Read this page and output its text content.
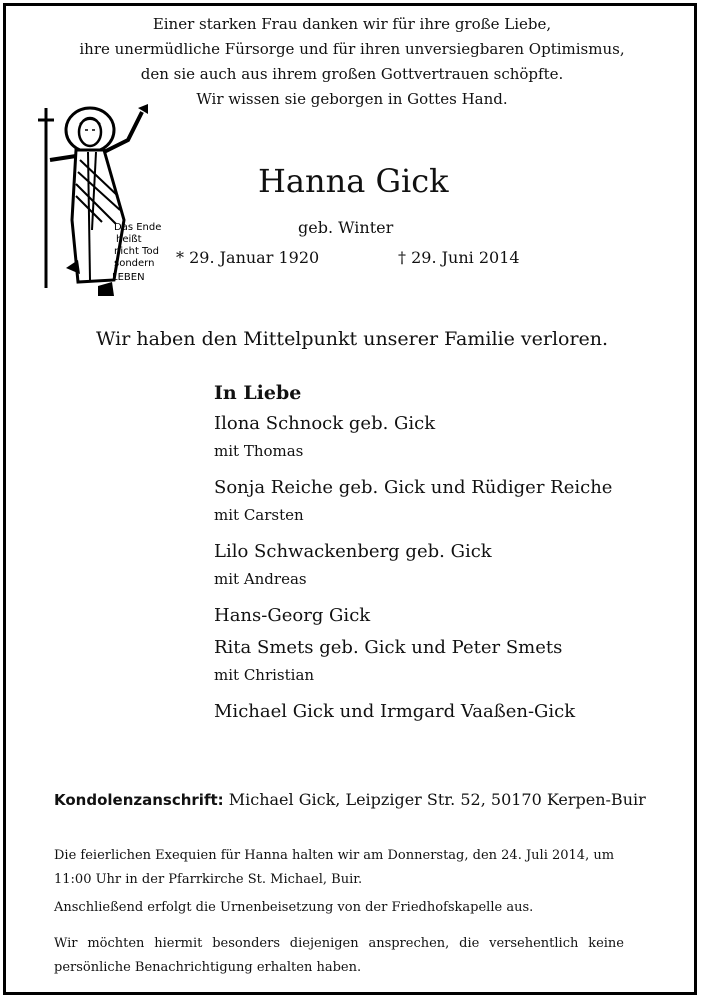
Einer starken Frau danken wir für ihre große Liebe,
ihre unermüdliche Fürsorge und für ihren unversiegbaren Optimismus,
den sie auch aus ihrem großen Gottvertrauen schöpfte.
Wir wissen sie geborgen in Gottes Hand.
Das Ende
heißt
nicht Tod
sondern
LEBEN
Hanna Gick
geb. Winter
* 29. Januar 1920	† 29. Juni 2014
Wir haben den Mittelpunkt unserer Familie verloren.
In Liebe
Ilona Schnock geb. Gick
mit Thomas
Sonja Reiche geb. Gick und Rüdiger Reiche
mit Carsten
Lilo Schwackenberg geb. Gick
mit Andreas
Hans-Georg Gick
Rita Smets geb. Gick und Peter Smets
mit Christian
Michael Gick und Irmgard Vaaßen-Gick
Kondolenzanschrift: Michael Gick, Leipziger Str. 52, 50170 Kerpen-Buir
Die feierlichen Exequien für Hanna halten wir am Donnerstag, den 24. Juli 2014, um 11:00 Uhr in der Pfarrkirche St. Michael, Buir.
Anschließend erfolgt die Urnenbeisetzung von der Friedhofskapelle aus.
Wir möchten hiermit besonders diejenigen ansprechen, die versehentlich keine persönliche Benachrichtigung erhalten haben.
